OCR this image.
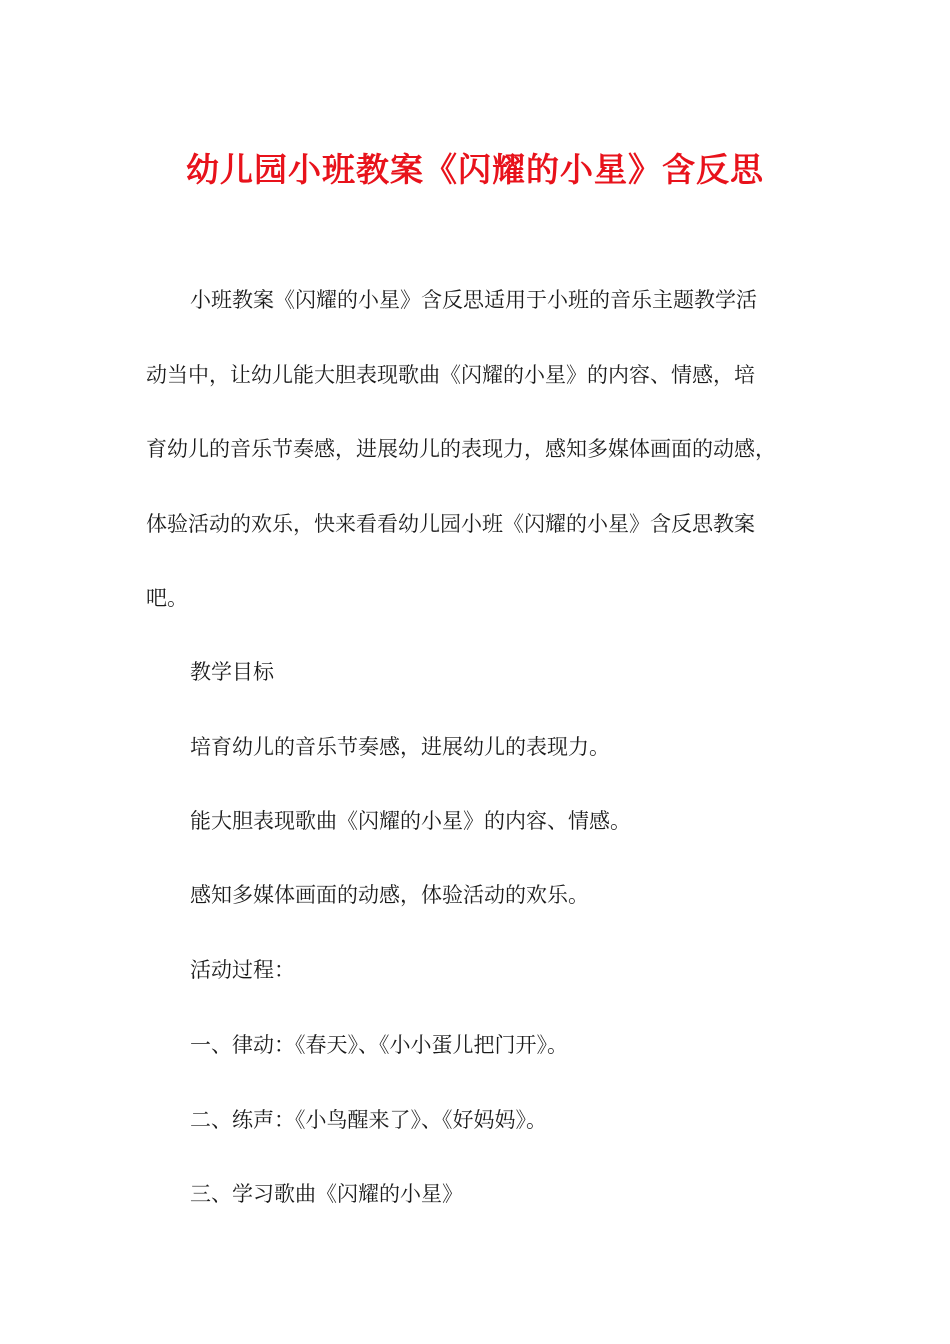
幼儿园小班教案《闪耀的小星》含反思
小班教案《闪耀的小星》含反思适用于小班的音乐主题教学活
动当中，让幼儿能大胆表现歌曲《闪耀的小星》的内容、情感，培
育幼儿的音乐节奏感，进展幼儿的表现力，感知多媒体画面的动感，
体验活动的欢乐，快来看看幼儿园小班《闪耀的小星》含反思教案
吧。

教学目标

培育幼儿的音乐节奏感，进展幼儿的表现力。

能大胆表现歌曲《闪耀的小星》的内容、情感。

感知多媒体画面的动感，体验活动的欢乐。

活动过程：

一、律动：《春天》、《小小蛋儿把门开》。

二、练声：《小鸟醒来了》、《好妈妈》。

三、学习歌曲《闪耀的小星》
